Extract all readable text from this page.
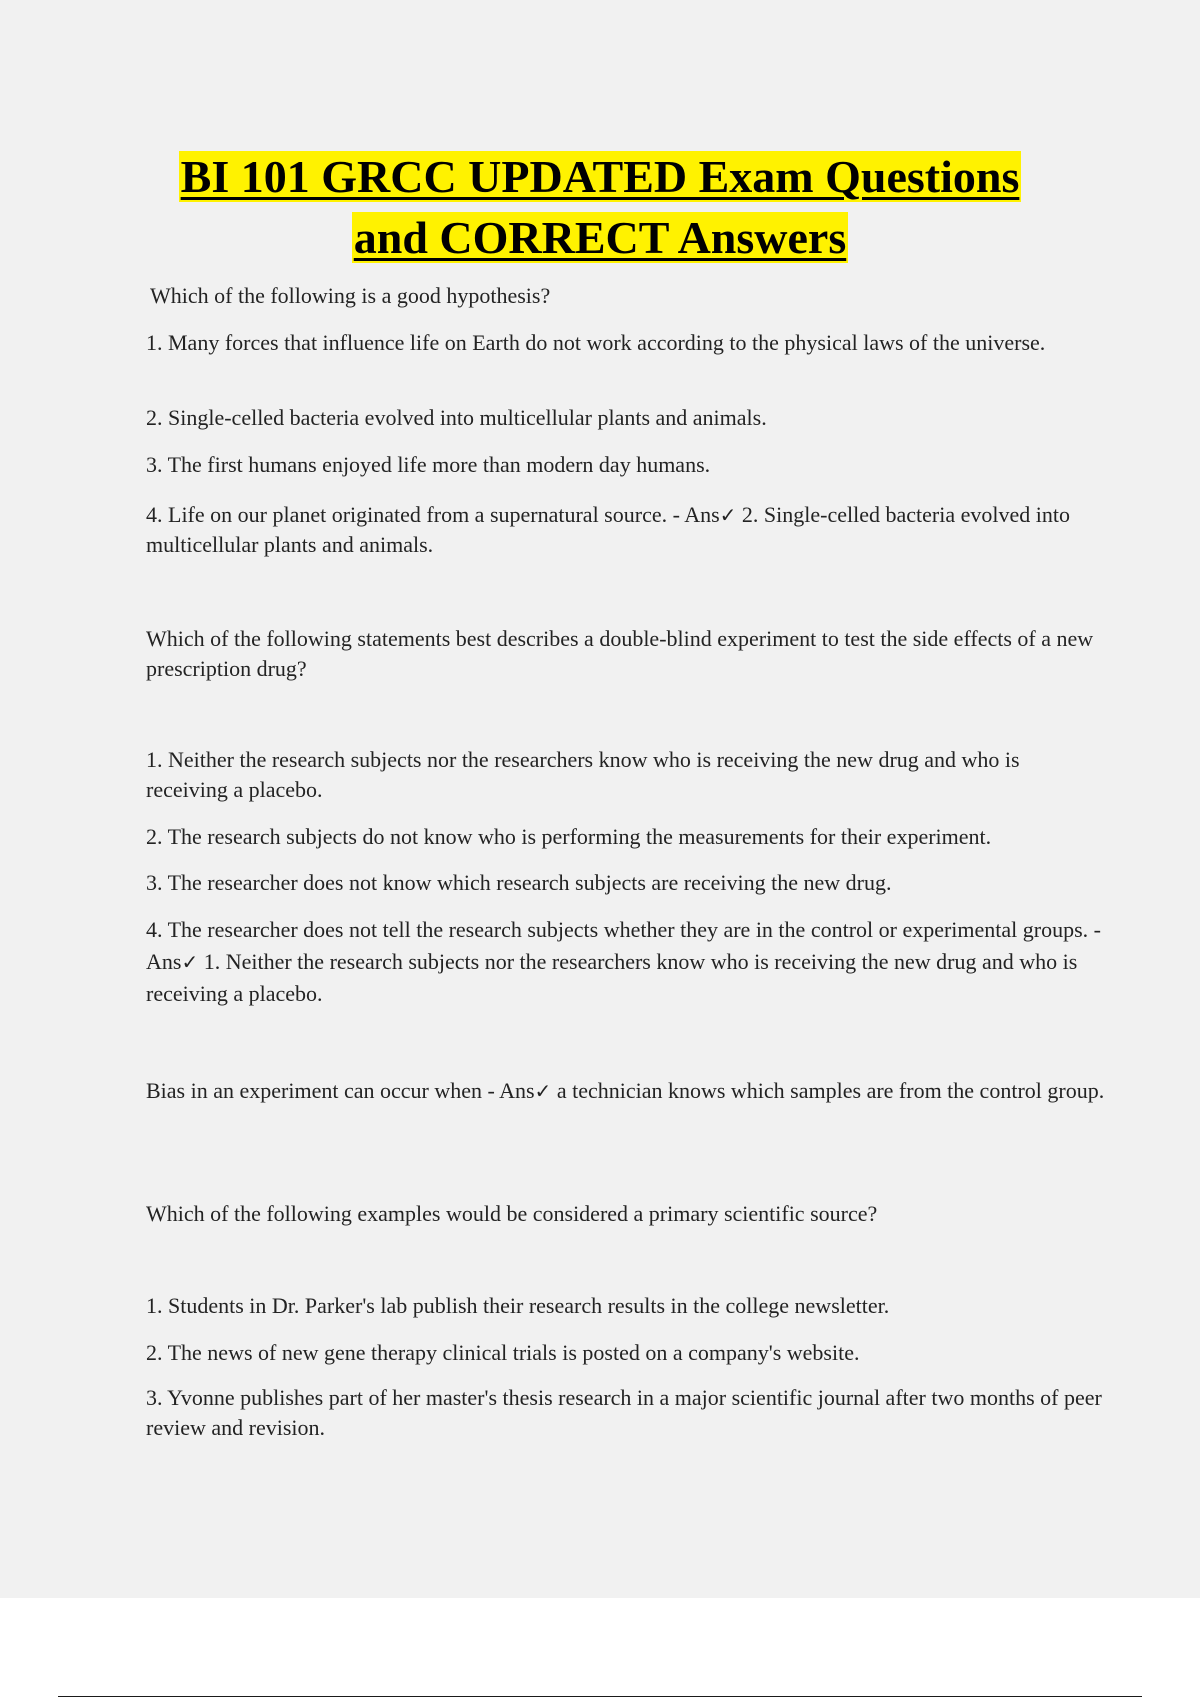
BI 101 GRCC UPDATED Exam Questions
and CORRECT Answers

Which of the following is a good hypothesis?

1. Many forces that influence life on Earth do not work according to the physical laws of the universe.

2. Single-celled bacteria evolved into multicellular plants and animals.

3. The first humans enjoyed life more than modern day humans.

4. Life on our planet originated from a supernatural source. - Ans✓ 2. Single-celled bacteria evolved into multicellular plants and animals.

Which of the following statements best describes a double-blind experiment to test the side effects of a new prescription drug?

1. Neither the research subjects nor the researchers know who is receiving the new drug and who is receiving a placebo.

2. The research subjects do not know who is performing the measurements for their experiment.

3. The researcher does not know which research subjects are receiving the new drug.

4. The researcher does not tell the research subjects whether they are in the control or experimental groups. - Ans✓ 1. Neither the research subjects nor the researchers know who is receiving the new drug and who is receiving a placebo.

Bias in an experiment can occur when - Ans✓ a technician knows which samples are from the control group.

Which of the following examples would be considered a primary scientific source?

1. Students in Dr. Parker's lab publish their research results in the college newsletter.

2. The news of new gene therapy clinical trials is posted on a company's website.

3. Yvonne publishes part of her master's thesis research in a major scientific journal after two months of peer review and revision.
